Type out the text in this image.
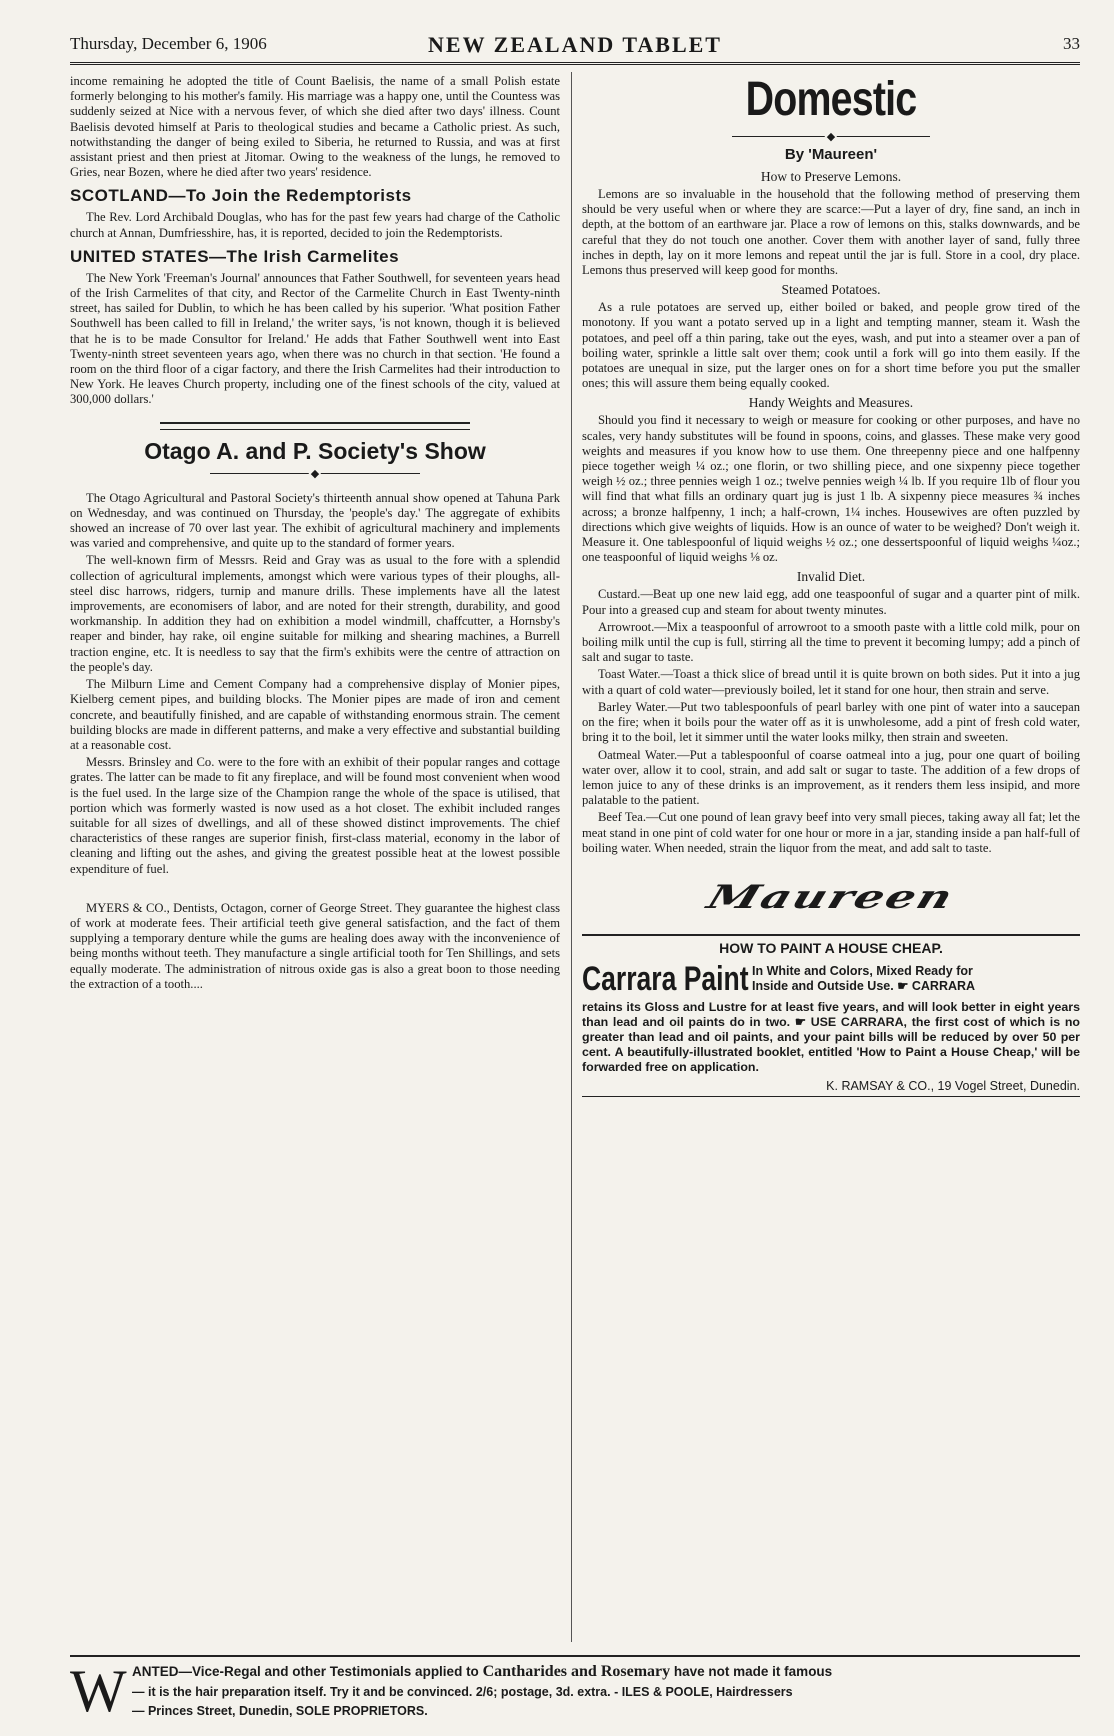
Thursday, December 6, 1906	NEW ZEALAND TABLET	33

income remaining he adopted the title of Count Baelisis, the name of a small Polish estate formerly belonging to his mother's family. His marriage was a happy one, until the Countess was suddenly seized at Nice with a nervous fever, of which she died after two days' illness. Count Baelisis devoted himself at Paris to theological studies and became a Catholic priest. As such, notwithstanding the danger of being exiled to Siberia, he returned to Russia, and was at first assistant priest and then priest at Jitomar. Owing to the weakness of the lungs, he removed to Gries, near Bozen, where he died after two years' residence.

SCOTLAND—To Join the Redemptorists

The Rev. Lord Archibald Douglas, who has for the past few years had charge of the Catholic church at Annan, Dumfriesshire, has, it is reported, decided to join the Redemptorists.

UNITED STATES—The Irish Carmelites

The New York 'Freeman's Journal' announces that Father Southwell, for seventeen years head of the Irish Carmelites of that city, and Rector of the Carmelite Church in East Twenty-ninth street, has sailed for Dublin, to which he has been called by his superior. 'What position Father Southwell has been called to fill in Ireland,' the writer says, 'is not known, though it is believed that he is to be made Consultor for Ireland.' He adds that Father Southwell went into East Twenty-ninth street seventeen years ago, when there was no church in that section. 'He found a room on the third floor of a cigar factory, and there the Irish Carmelites had their introduction to New York. He leaves Church property, including one of the finest schools of the city, valued at 300,000 dollars.'

Otago A. and P. Society's Show
◆

The Otago Agricultural and Pastoral Society's thirteenth annual show opened at Tahuna Park on Wednesday, and was continued on Thursday, the 'people's day.' The aggregate of exhibits showed an increase of 70 over last year. The exhibit of agricultural machinery and implements was varied and comprehensive, and quite up to the standard of former years.

The well-known firm of Messrs. Reid and Gray was as usual to the fore with a splendid collection of agricultural implements, amongst which were various types of their ploughs, all-steel disc harrows, ridgers, turnip and manure drills. These implements have all the latest improvements, are economisers of labor, and are noted for their strength, durability, and good workmanship. In addition they had on exhibition a model windmill, chaffcutter, a Hornsby's reaper and binder, hay rake, oil engine suitable for milking and shearing machines, a Burrell traction engine, etc. It is needless to say that the firm's exhibits were the centre of attraction on the people's day.

The Milburn Lime and Cement Company had a comprehensive display of Monier pipes, Kielberg cement pipes, and building blocks. The Monier pipes are made of iron and cement concrete, and beautifully finished, and are capable of withstanding enormous strain. The cement building blocks are made in different patterns, and make a very effective and substantial building at a reasonable cost.

Messrs. Brinsley and Co. were to the fore with an exhibit of their popular ranges and cottage grates. The latter can be made to fit any fireplace, and will be found most convenient when wood is the fuel used. In the large size of the Champion range the whole of the space is utilised, that portion which was formerly wasted is now used as a hot closet. The exhibit included ranges suitable for all sizes of dwellings, and all of these showed distinct improvements. The chief characteristics of these ranges are superior finish, first-class material, economy in the labor of cleaning and lifting out the ashes, and giving the greatest possible heat at the lowest possible expenditure of fuel.

MYERS & CO., Dentists, Octagon, corner of George Street. They guarantee the highest class of work at moderate fees. Their artificial teeth give general satisfaction, and the fact of them supplying a temporary denture while the gums are healing does away with the inconvenience of being months without teeth. They manufacture a single artificial tooth for Ten Shillings, and sets equally moderate. The administration of nitrous oxide gas is also a great boon to those needing the extraction of a tooth....

Domestic
◆
By 'Maureen'
How to Preserve Lemons.

Lemons are so invaluable in the household that the following method of preserving them should be very useful when or where they are scarce:—Put a layer of dry, fine sand, an inch in depth, at the bottom of an earthware jar. Place a row of lemons on this, stalks downwards, and be careful that they do not touch one another. Cover them with another layer of sand, fully three inches in depth, lay on it more lemons and repeat until the jar is full. Store in a cool, dry place. Lemons thus preserved will keep good for months.

Steamed Potatoes.

As a rule potatoes are served up, either boiled or baked, and people grow tired of the monotony. If you want a potato served up in a light and tempting manner, steam it. Wash the potatoes, and peel off a thin paring, take out the eyes, wash, and put into a steamer over a pan of boiling water, sprinkle a little salt over them; cook until a fork will go into them easily. If the potatoes are unequal in size, put the larger ones on for a short time before you put the smaller ones; this will assure them being equally cooked.

Handy Weights and Measures.

Should you find it necessary to weigh or measure for cooking or other purposes, and have no scales, very handy substitutes will be found in spoons, coins, and glasses. These make very good weights and measures if you know how to use them. One threepenny piece and one halfpenny piece together weigh ¼ oz.; one florin, or two shilling piece, and one sixpenny piece together weigh ½ oz.; three pennies weigh 1 oz.; twelve pennies weigh ¼ lb. If you require 1lb of flour you will find that what fills an ordinary quart jug is just 1 lb. A sixpenny piece measures ¾ inches across; a bronze halfpenny, 1 inch; a half-crown, 1¼ inches. Housewives are often puzzled by directions which give weights of liquids. How is an ounce of water to be weighed? Don't weigh it. Measure it. One tablespoonful of liquid weighs ½ oz.; one dessertspoonful of liquid weighs ¼oz.; one teaspoonful of liquid weighs ⅛ oz.

Invalid Diet.

Custard.—Beat up one new laid egg, add one teaspoonful of sugar and a quarter pint of milk. Pour into a greased cup and steam for about twenty minutes.

Arrowroot.—Mix a teaspoonful of arrowroot to a smooth paste with a little cold milk, pour on boiling milk until the cup is full, stirring all the time to prevent it becoming lumpy; add a pinch of salt and sugar to taste.

Toast Water.—Toast a thick slice of bread until it is quite brown on both sides. Put it into a jug with a quart of cold water—previously boiled, let it stand for one hour, then strain and serve.

Barley Water.—Put two tablespoonfuls of pearl barley with one pint of water into a saucepan on the fire; when it boils pour the water off as it is unwholesome, add a pint of fresh cold water, bring it to the boil, let it simmer until the water looks milky, then strain and sweeten.

Oatmeal Water.—Put a tablespoonful of coarse oatmeal into a jug, pour one quart of boiling water over, allow it to cool, strain, and add salt or sugar to taste. The addition of a few drops of lemon juice to any of these drinks is an improvement, as it renders them less insipid, and more palatable to the patient.

Beef Tea.—Cut one pound of lean gravy beef into very small pieces, taking away all fat; let the meat stand in one pint of cold water for one hour or more in a jar, standing inside a pan half-full of boiling water. When needed, strain the liquor from the meat, and add salt to taste.

Maureen
HOW TO PAINT A HOUSE CHEAP.
Carrara Paint In White and Colors, Mixed Ready for
Inside and Outside Use. ☛ CARRARA

retains its Gloss and Lustre for at least five years, and will look better in eight years than lead and oil paints do in two. ☛ USE CARRARA, the first cost of which is no greater than lead and oil paints, and your paint bills will be reduced by over 50 per cent. A beautifully-illustrated booklet, entitled 'How to Paint a House Cheap,' will be forwarded free on application.

K. RAMSAY & CO., 19 Vogel Street, Dunedin.
W ANTED—Vice-Regal and other Testimonials applied to Cantharides and Rosemary have not made it famous
— it is the hair preparation itself. Try it and be convinced. 2/6; postage, 3d. extra. - ILES & POOLE, Hairdressers
— Princes Street, Dunedin, SOLE PROPRIETORS.
